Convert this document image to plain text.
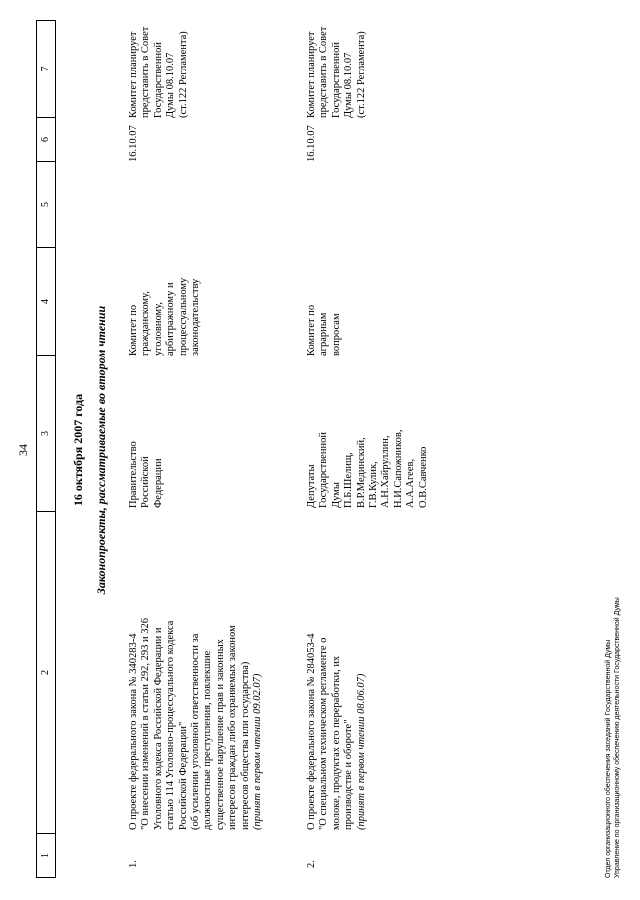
34
1
2
3
4
5
6
7
16 октября 2007 года Законопроекты, рассматриваемые во втором чтении
1.
О проекте федерального закона № 340283-4 "О внесении изменений в статьи 292, 293 и 326 Уголовного кодекса Российской Федерации и статью 114 Уголовно-процессуального кодекса Российской Федерации" (об усилении уголовной ответственности за должностные преступления, повлекшие существенное нарушение прав и законных интересов граждан либо охраняемых законом интересов общества или государства) (принят в первом чтении 09.02.07)
Правительство Российской Федерации
Комитет по гражданскому, уголовному, арбитражному и процессуальному законодательству
16.10.07
Комитет планирует представить в Совет Государственной Думы 08.10.07 (ст.122 Регламента)
2.
О проекте федерального закона № 284053-4 "О специальном техническом регламенте о молоке, продуктах его переработки, их производстве и обороте" (принят в первом чтении 08.06.07)
Депутаты Государственной Думы П.Б.Шелищ, В.Р.Мединский, Г.В.Кулик, А.Н.Хайруллин, Н.И.Сапожников, А.А.Агеев, О.В.Савченко
Комитет по аграрным вопросам
16.10.07
Комитет планирует представить в Совет Государственной Думы 08.10.07 (ст.122 Регламента)
Отдел организационного обеспечения заседаний Государственной Думы Управление по организационному обеспечению деятельности Государственной Думы
